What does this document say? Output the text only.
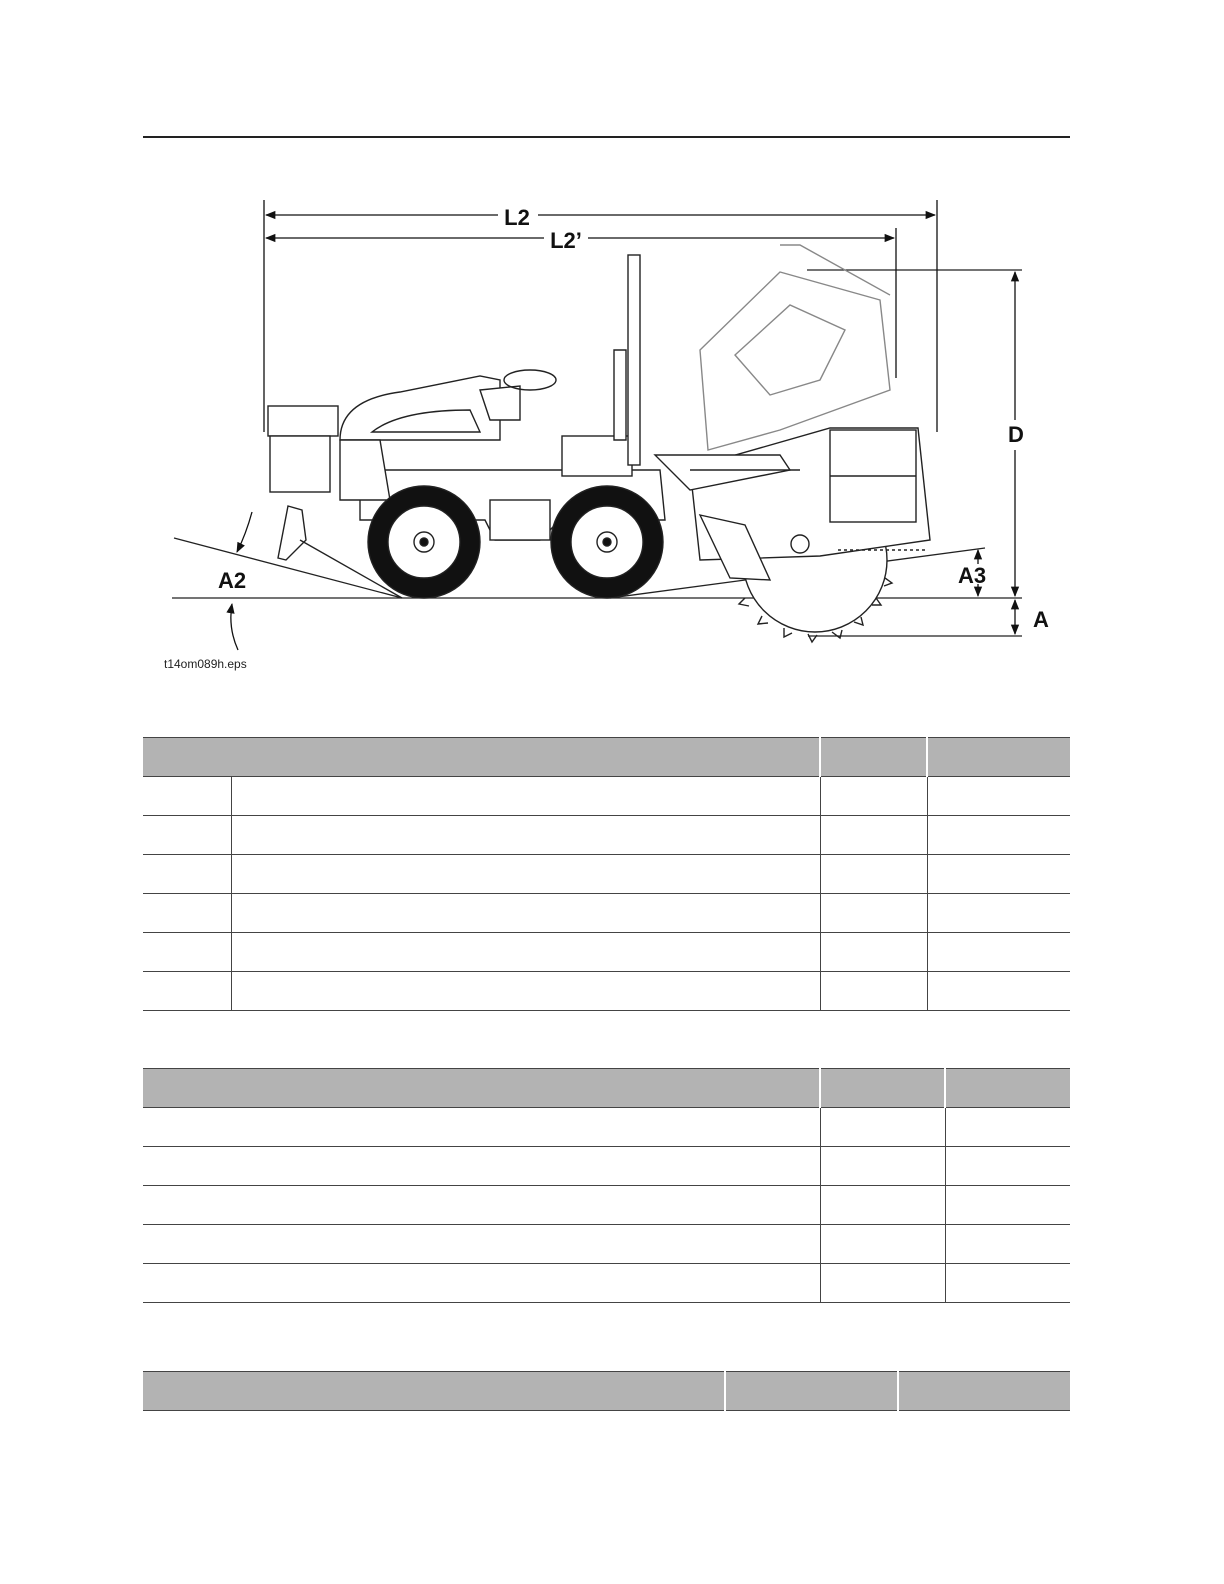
L2
L2’
D
A
A3
A2
t14om089h.eps
